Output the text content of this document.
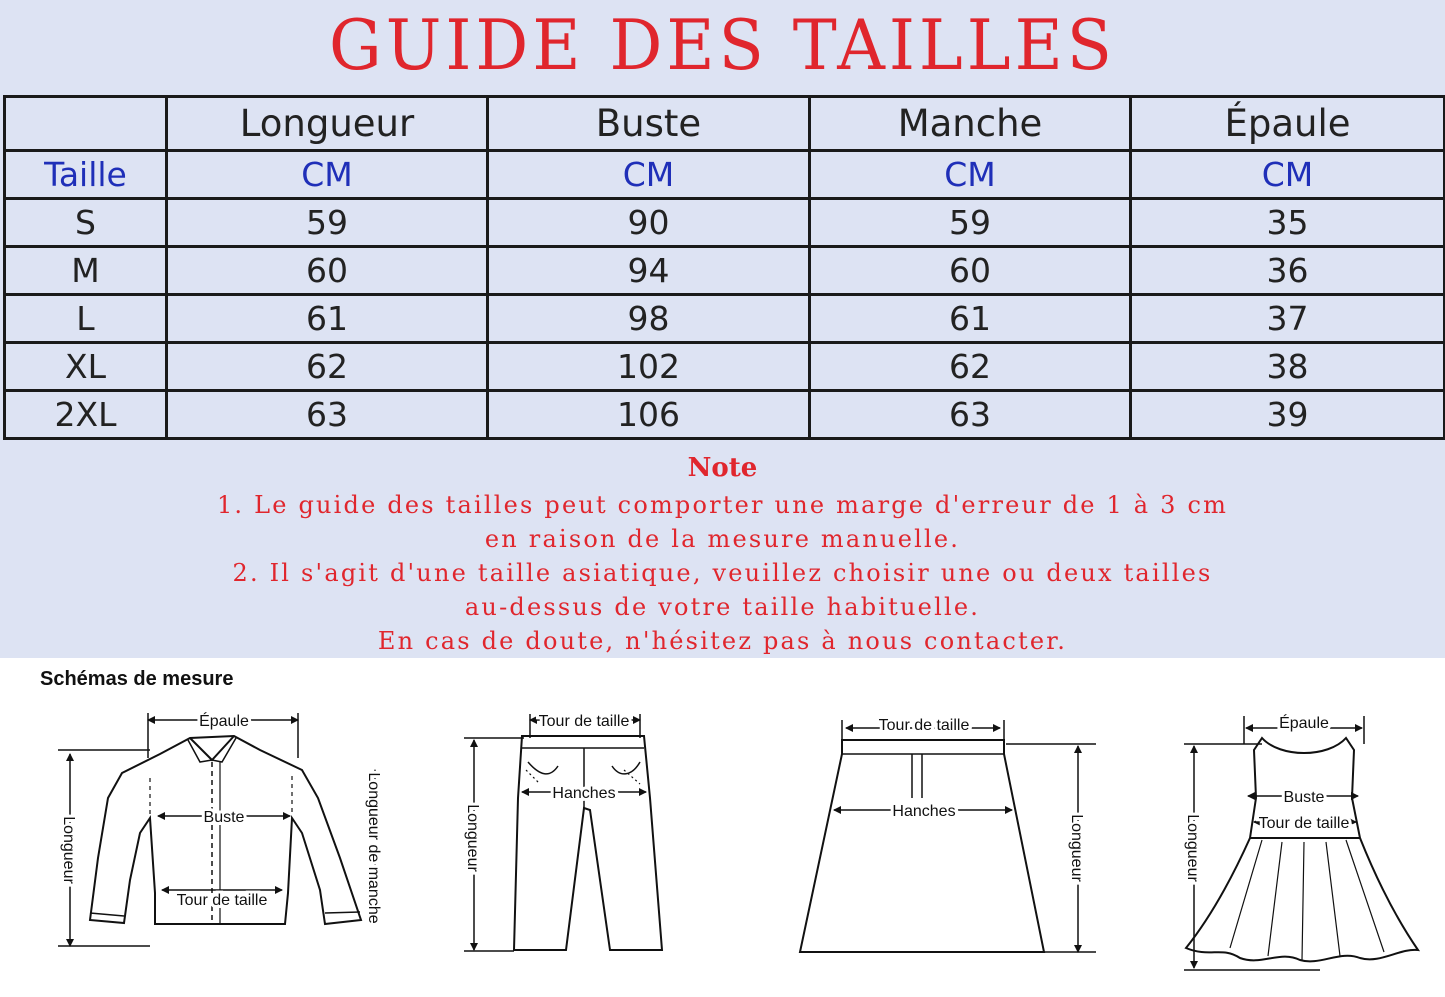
GUIDE DES TAILLES
	Longueur	Buste	Manche	Épaule
Taille	CM	CM	CM	CM
S	59	90	59	35
M	60	94	60	36
L	61	98	61	37
XL	62	102	62	38
2XL	63	106	63	39
Note
1. Le guide des tailles peut comporter une marge d'erreur de 1 à 3 cm
en raison de la mesure manuelle.
2. Il s'agit d'une taille asiatique, veuillez choisir une ou deux tailles
au-dessus de votre taille habituelle.
En cas de doute, n'hésitez pas à nous contacter.
Schémas de mesure
Épaule
Buste
Tour de taille
Longueur	Longueur de manche
Tour de taille
Hanches
Longueur
Tour de taille
Hanches
Longueur
Épaule
Buste
Tour de taille
Longueur
